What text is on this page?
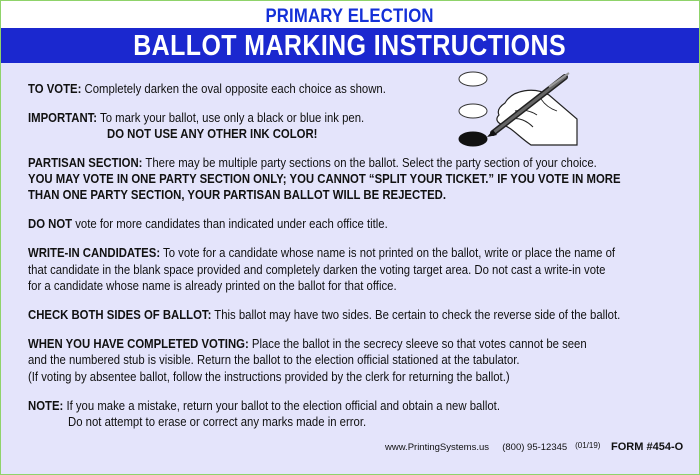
PRIMARY ELECTION
BALLOT MARKING INSTRUCTIONS

TO VOTE: Completely darken the oval opposite each choice as shown.

IMPORTANT: To mark your ballot, use only a black or blue ink pen.

DO NOT USE ANY OTHER INK COLOR!

PARTISAN SECTION: There may be multiple party sections on the ballot. Select the party section of your choice.

YOU MAY VOTE IN ONE PARTY SECTION ONLY; YOU CANNOT “SPLIT YOUR TICKET.” IF YOU VOTE IN MORE

THAN ONE PARTY SECTION, YOUR PARTISAN BALLOT WILL BE REJECTED.

DO NOT vote for more candidates than indicated under each office title.

WRITE-IN CANDIDATES: To vote for a candidate whose name is not printed on the ballot, write or place the name of

that candidate in the blank space provided and completely darken the voting target area. Do not cast a write-in vote

for a candidate whose name is already printed on the ballot for that office.

CHECK BOTH SIDES OF BALLOT: This ballot may have two sides. Be certain to check the reverse side of the ballot.

WHEN YOU HAVE COMPLETED VOTING: Place the ballot in the secrecy sleeve so that votes cannot be seen

and the numbered stub is visible. Return the ballot to the election official stationed at the tabulator.

(If voting by absentee ballot, follow the instructions provided by the clerk for returning the ballot.)

NOTE: If you make a mistake, return your ballot to the election official and obtain a new ballot.

Do not attempt to erase or correct any marks made in error.

www.PrintingSystems.us (800) 95-12345 $^{(01/19)}$ FORM #454-O
